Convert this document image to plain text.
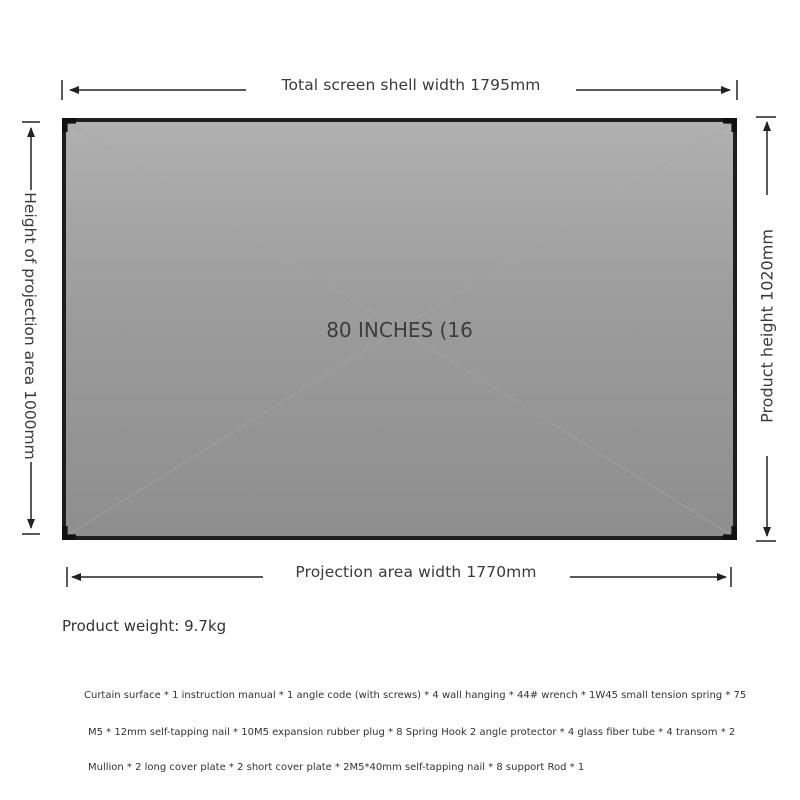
Total screen shell width 1795mm
80 INCHES (16
Height of projection area 1000mm	Product height 1020mm
Projection area width 1770mm
Product weight: 9.7kg
Curtain surface * 1 instruction manual * 1 angle code (with screws) * 4 wall hanging * 44# wrench * 1W45 small tension spring * 75
M5 * 12mm self-tapping nail * 10M5 expansion rubber plug * 8 Spring Hook 2 angle protector * 4 glass fiber tube * 4 transom * 2
Mullion * 2 long cover plate * 2 short cover plate * 2M5*40mm self-tapping nail * 8 support Rod * 1
